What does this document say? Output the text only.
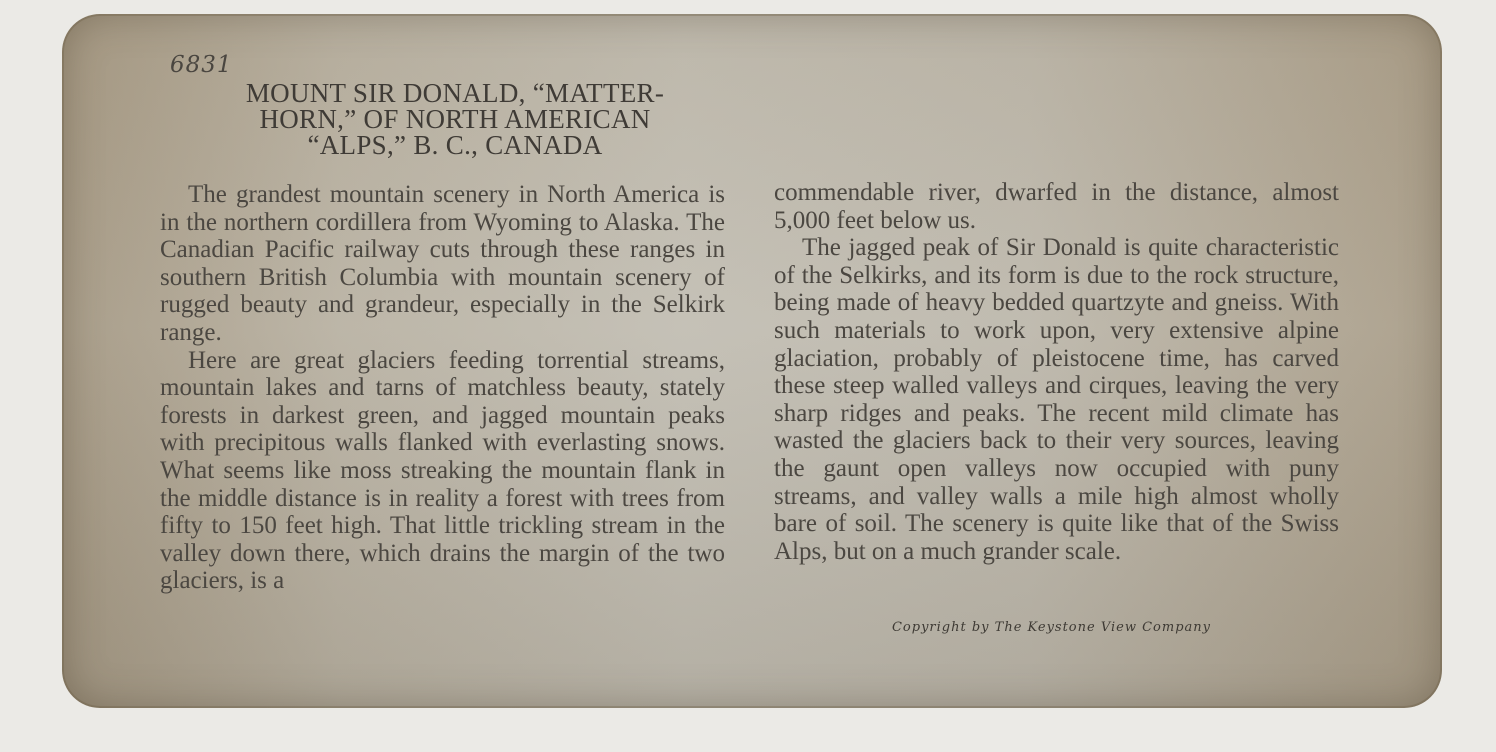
6831

MOUNT SIR DONALD, “MATTER-
HORN,” OF NORTH AMERICAN
“ALPS,” B. C., CANADA

The grandest mountain scenery in North America is in the northern cordillera from Wyoming to Alaska. The Canadian Pacific railway cuts through these ranges in southern British Columbia with mountain scenery of rugged beauty and grandeur, especially in the Selkirk range.

Here are great glaciers feeding torrential streams, mountain lakes and tarns of matchless beauty, stately forests in darkest green, and jagged mountain peaks with precipitous walls flanked with everlasting snows. What seems like moss streaking the mountain flank in the middle distance is in reality a forest with trees from fifty to 150 feet high. That little trickling stream in the valley down there, which drains the margin of the two glaciers, is a

commendable river, dwarfed in the distance, almost 5,000 feet below us.

The jagged peak of Sir Donald is quite characteristic of the Selkirks, and its form is due to the rock structure, being made of heavy bedded quartzyte and gneiss. With such materials to work upon, very extensive alpine glaciation, probably of pleistocene time, has carved these steep walled valleys and cirques, leaving the very sharp ridges and peaks. The recent mild climate has wasted the glaciers back to their very sources, leaving the gaunt open valleys now occupied with puny streams, and valley walls a mile high almost wholly bare of soil. The scenery is quite like that of the Swiss Alps, but on a much grander scale.

Copyright by The Keystone View Company
